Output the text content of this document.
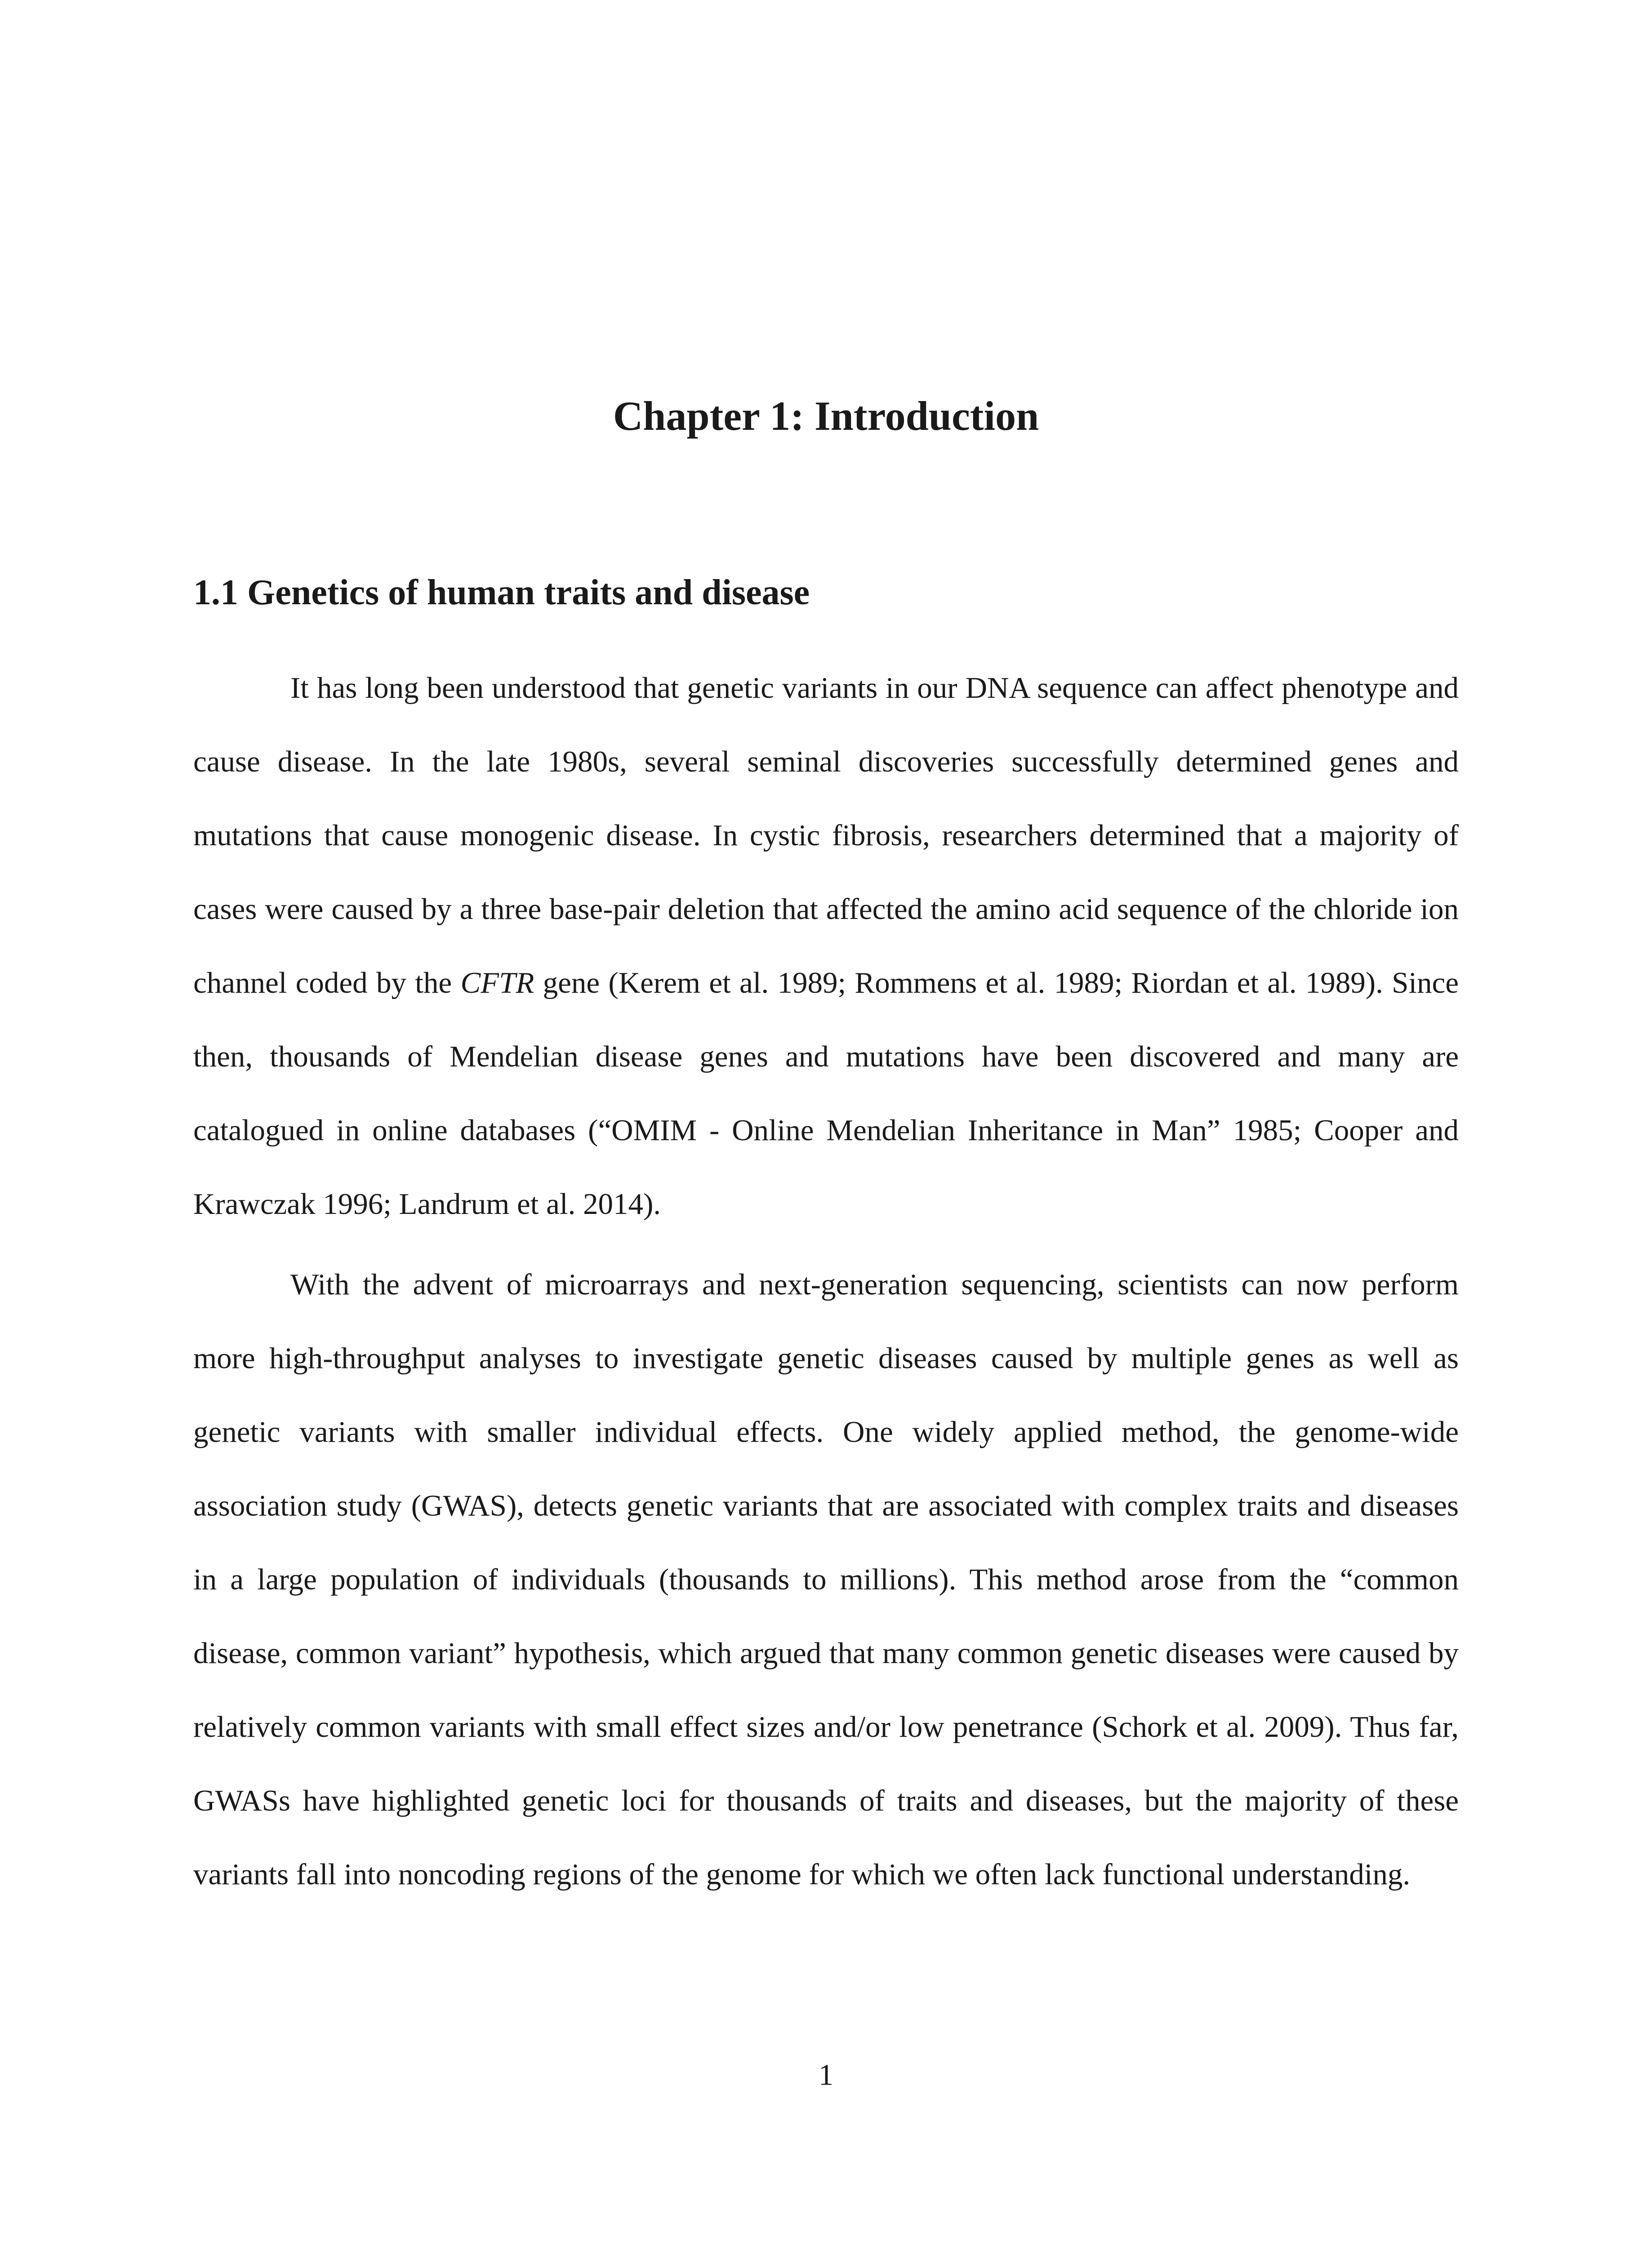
Chapter 1: Introduction
1.1 Genetics of human traits and disease

It has long been understood that genetic variants in our DNA sequence can affect phenotype and cause disease. In the late 1980s, several seminal discoveries successfully determined genes and mutations that cause monogenic disease. In cystic fibrosis, researchers determined that a majority of cases were caused by a three base-pair deletion that affected the amino acid sequence of the chloride ion channel coded by the CFTR gene (Kerem et al. 1989; Rommens et al. 1989; Riordan et al. 1989). Since then, thousands of Mendelian disease genes and mutations have been discovered and many are catalogued in online databases (“OMIM - Online Mendelian Inheritance in Man” 1985; Cooper and Krawczak 1996; Landrum et al. 2014).

With the advent of microarrays and next-generation sequencing, scientists can now perform more high-throughput analyses to investigate genetic diseases caused by multiple genes as well as genetic variants with smaller individual effects. One widely applied method, the genome-wide association study (GWAS), detects genetic variants that are associated with complex traits and diseases in a large population of individuals (thousands to millions). This method arose from the “common disease, common variant” hypothesis, which argued that many common genetic diseases were caused by relatively common variants with small effect sizes and/or low penetrance (Schork et al. 2009). Thus far, GWASs have highlighted genetic loci for thousands of traits and diseases, but the majority of these variants fall into noncoding regions of the genome for which we often lack functional understanding.

1
